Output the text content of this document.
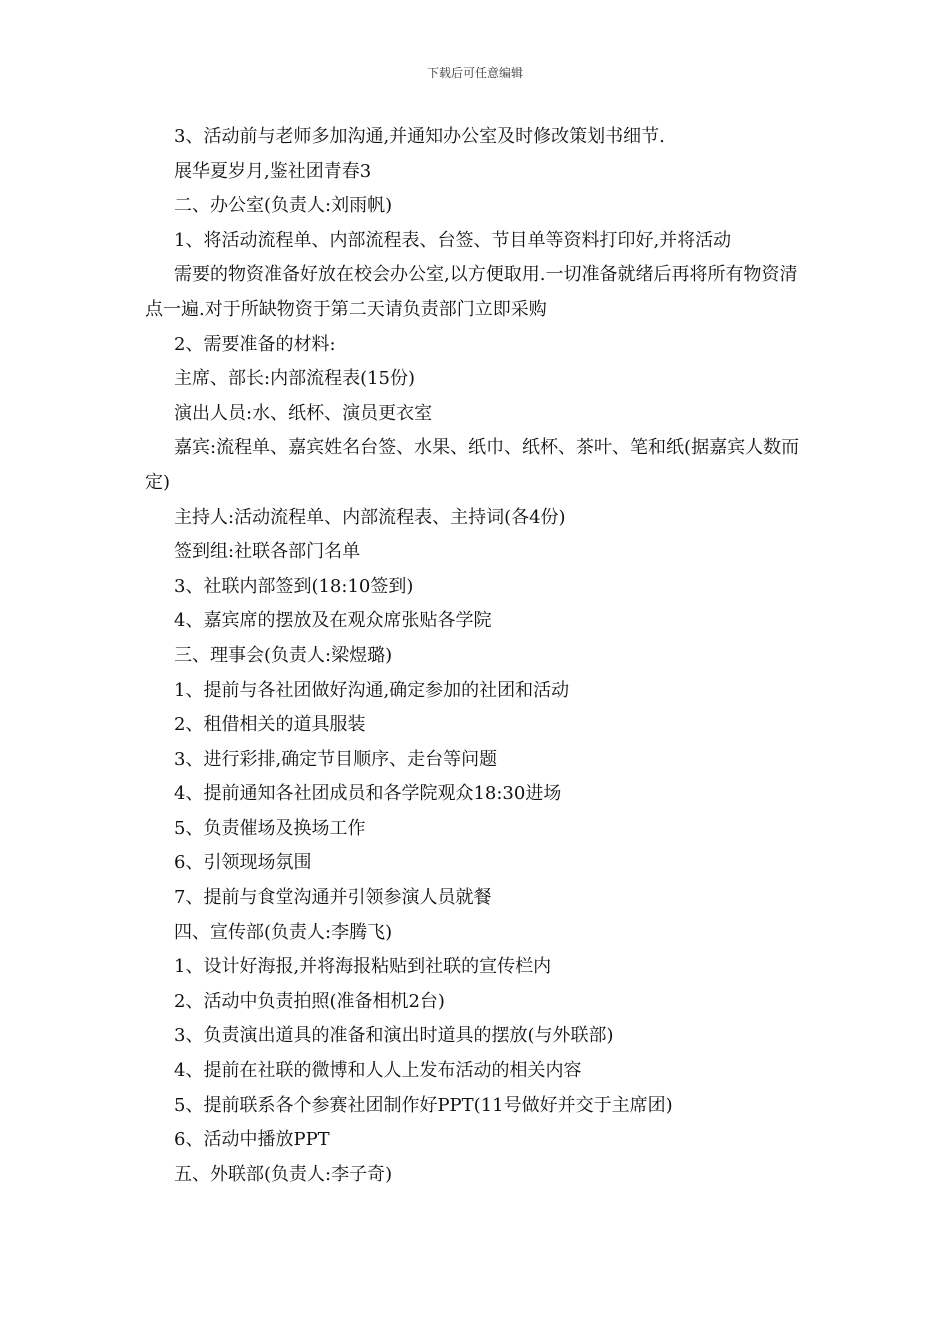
下载后可任意编辑

3、活动前与老师多加沟通,并通知办公室及时修改策划书细节.

展华夏岁月,鉴社团青春3

二、办公室(负责人:刘雨帆)

1、将活动流程单、内部流程表、台签、节目单等资料打印好,并将活动

需要的物资准备好放在校会办公室,以方便取用.一切准备就绪后再将所有物资清点一遍.对于所缺物资于第二天请负责部门立即采购

2、需要准备的材料:

主席、部长:内部流程表(15份)

演出人员:水、纸杯、演员更衣室

嘉宾:流程单、嘉宾姓名台签、水果、纸巾、纸杯、茶叶、笔和纸(据嘉宾人数而定)

主持人:活动流程单、内部流程表、主持词(各4份)

签到组:社联各部门名单

3、社联内部签到(18:10签到)

4、嘉宾席的摆放及在观众席张贴各学院

三、理事会(负责人:梁煜璐)

1、提前与各社团做好沟通,确定参加的社团和活动

2、租借相关的道具服装

3、进行彩排,确定节目顺序、走台等问题

4、提前通知各社团成员和各学院观众18:30进场

5、负责催场及换场工作

6、引领现场氛围

7、提前与食堂沟通并引领参演人员就餐

四、宣传部(负责人:李腾飞)

1、设计好海报,并将海报粘贴到社联的宣传栏内

2、活动中负责拍照(准备相机2台)

3、负责演出道具的准备和演出时道具的摆放(与外联部)

4、提前在社联的微博和人人上发布活动的相关内容

5、提前联系各个参赛社团制作好PPT(11号做好并交于主席团)

6、活动中播放PPT

五、外联部(负责人:李子奇)
